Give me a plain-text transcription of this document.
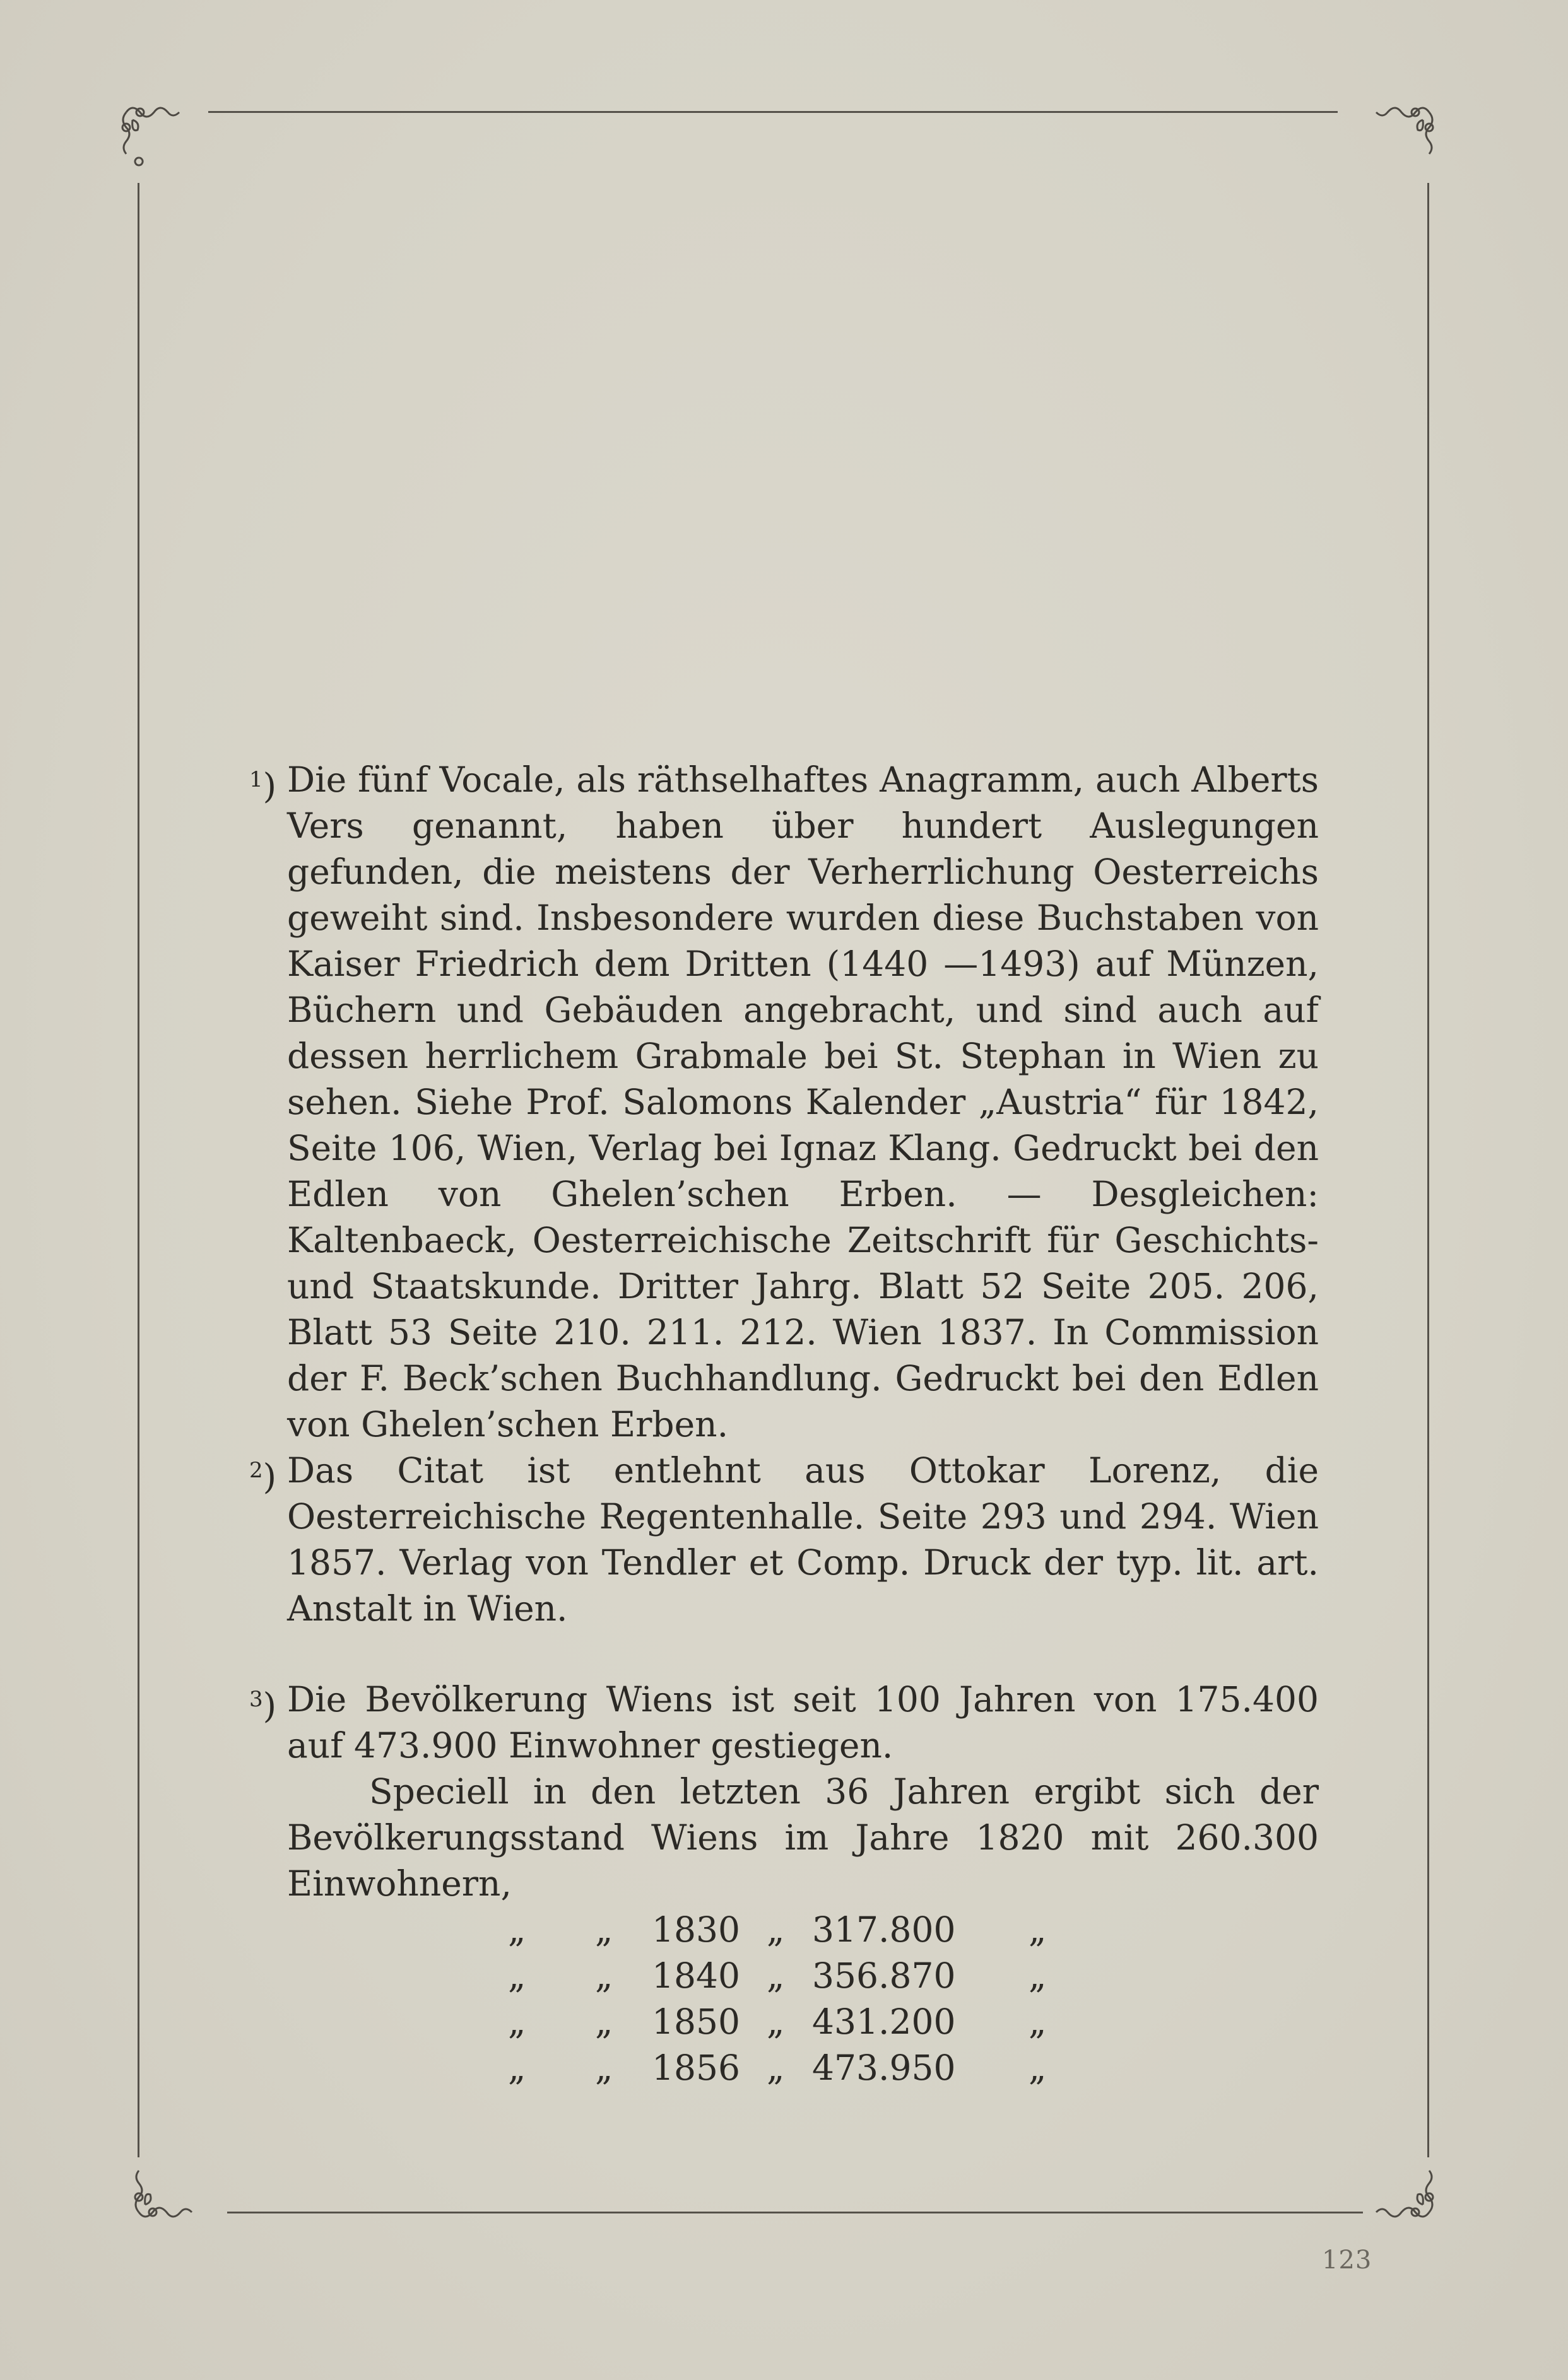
$^1$) Die fünf Vocale, als räthselhaftes Anagramm, auch Alberts Vers genannt, haben über hundert Auslegungen gefunden, die meistens der Verherrlichung Oesterreichs geweiht sind. Insbesondere wurden diese Buchstaben von Kaiser Friedrich dem Dritten (1440 —1493) auf Münzen, Büchern und Gebäuden angebracht, und sind auch auf dessen herrlichem Grabmale bei St. Stephan in Wien zu sehen. Siehe Prof. Salomons Kalender „Austria“ für 1842, Seite 106, Wien, Verlag bei Ignaz Klang. Gedruckt bei den Edlen von Ghelen’schen Erben. — Desgleichen: Kaltenbaeck, Oesterreichische Zeitschrift für Geschichts- und Staatskunde. Dritter Jahrg. Blatt 52 Seite 205. 206, Blatt 53 Seite 210. 211. 212. Wien 1837. In Commission der F. Beck’schen Buchhandlung. Gedruckt bei den Edlen von Ghelen’schen Erben.

$^2$) Das Citat ist entlehnt aus Ottokar Lorenz, die Oesterreichische Regentenhalle. Seite 293 und 294. Wien 1857. Verlag von Tendler et Comp. Druck der typ. lit. art. Anstalt in Wien.

$^3$) Die Bevölkerung Wiens ist seit 100 Jahren von 175.400 auf 473.900 Einwohner gestiegen.

Speciell in den letzten 36 Jahren ergibt sich der Bevölkerungsstand Wiens im Jahre 1820 mit 260.300 Einwohnern,

„ „ 1830 „ 317.800 „
„ „ 1840 „ 356.870 „
„ „ 1850 „ 431.200 „
„ „ 1856 „ 473.950 „
123
